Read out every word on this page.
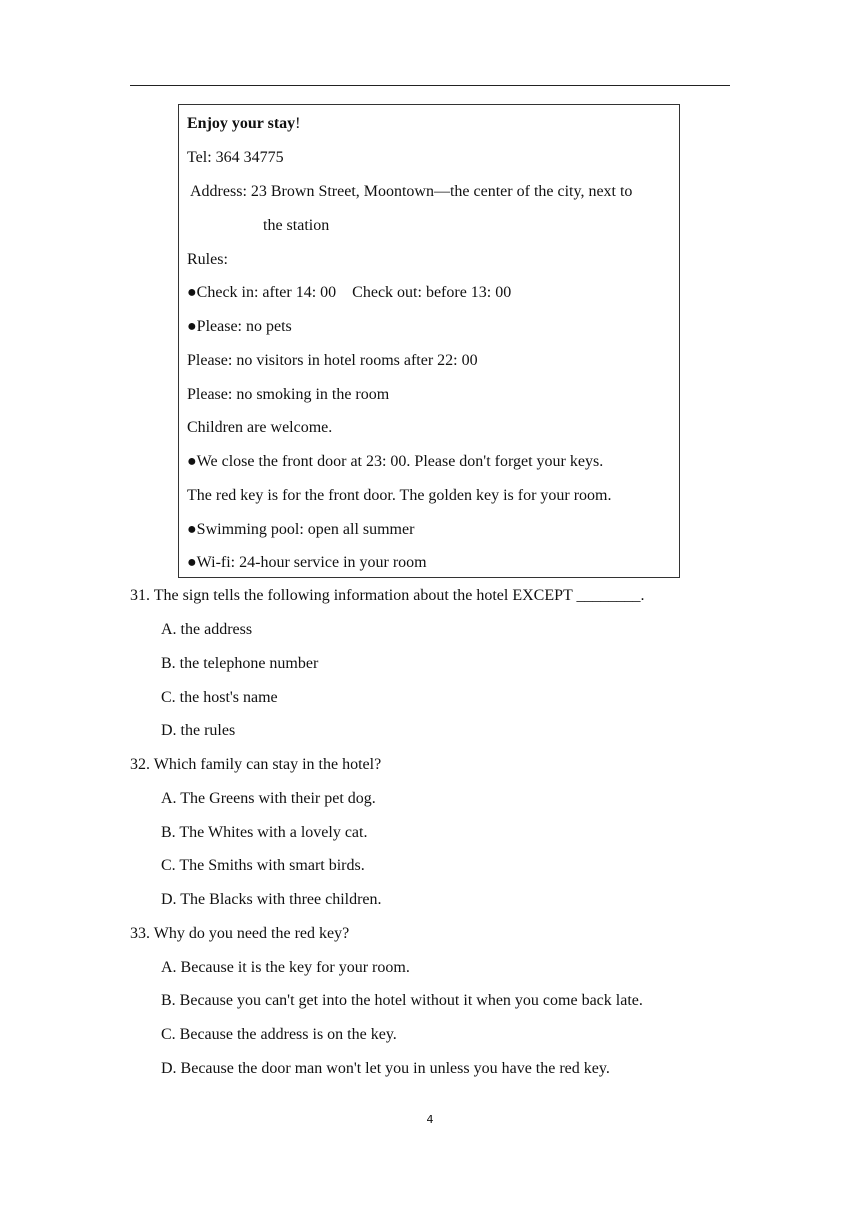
Enjoy your stay!
Tel: 364 34775
Address: 23 Brown Street, Moontown—the center of the city, next to
the station
Rules:
●Check in: after 14: 00    Check out: before 13: 00
●Please: no pets
Please: no visitors in hotel rooms after 22: 00
Please: no smoking in the room
Children are welcome.
●We close the front door at 23: 00. Please don't forget your keys.
The red key is for the front door. The golden key is for your room.
●Swimming pool: open all summer
●Wi-fi: 24-hour service in your room
31. The sign tells the following information about the hotel EXCEPT ________.
A. the address
B. the telephone number
C. the host's name
D. the rules
32. Which family can stay in the hotel?
A. The Greens with their pet dog.
B. The Whites with a lovely cat.
C. The Smiths with smart birds.
D. The Blacks with three children.
33. Why do you need the red key?
A. Because it is the key for your room.
B. Because you can't get into the hotel without it when you come back late.
C. Because the address is on the key.
D. Because the door man won't let you in unless you have the red key.
4
